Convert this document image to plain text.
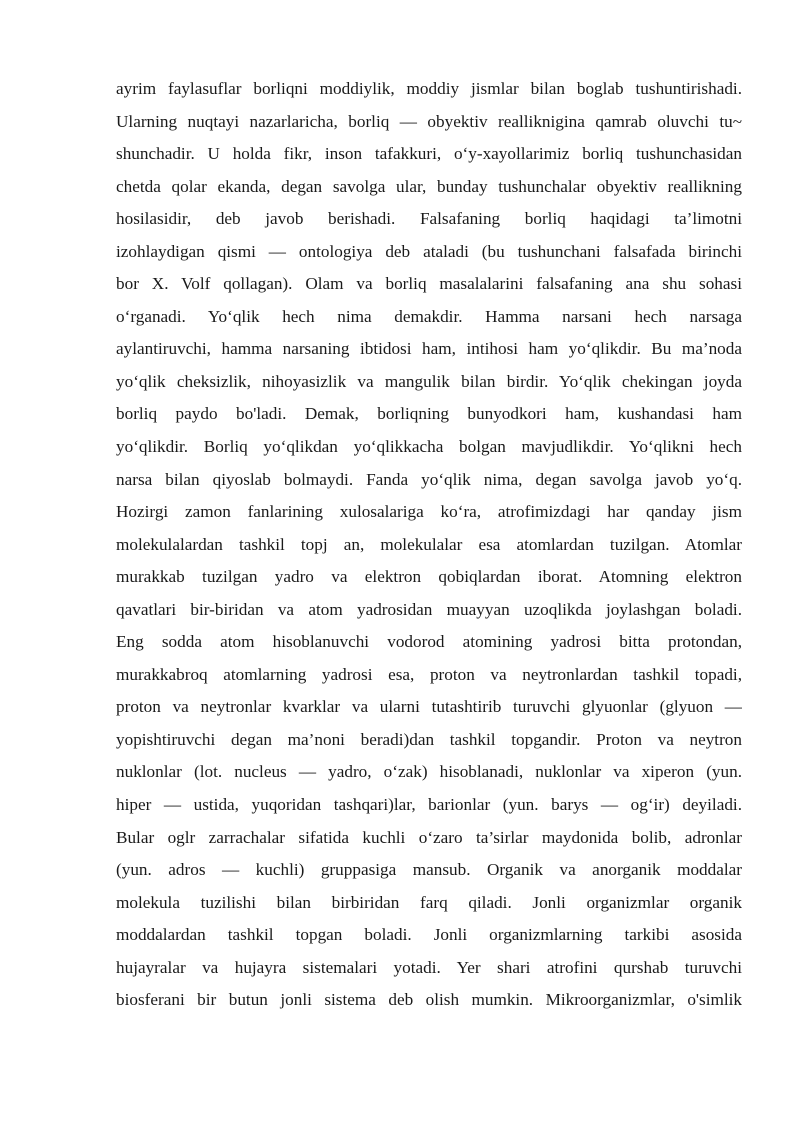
ayrim faylasuflar borliqni moddiylik, moddiy jismlar bilan boglab tushuntirishadi.
Ularning nuqtayi nazarlaricha, borliq — obyektiv reallikniginа qamrab oluvchi tu~
shunchadir. U holda fikr, inson tafakkuri, o‘y-xayollarimiz borliq tushunchasidan
chetda qolar ekanda, degan savolga ular, bunday tushunchalar obyektiv reallikning
hosilasidir, deb javob berishadi. Falsafaning borliq haqidagi ta’limotni
izohlaydigan qismi — ontologiya deb ataladi (bu tushunchani falsafada birinchi
bor X. Volf qollagan). Olam va borliq masalalarini falsafaning ana shu sohasi
o‘rganadi. Yo‘qlik hech nima demakdir. Hamma narsani hech narsaga
aylantiruvchi, hamma narsaning ibtidosi ham, intihosi ham yo‘qlikdir. Bu ma’noda
yo‘qlik cheksizlik, nihoyasizlik va mangulik bilan birdir. Yo‘qlik chekingan joyda
borliq paydo bo'ladi. Demak, borliqning bunyodkori ham, kushandasi ham
yo‘qlikdir. Borliq yo‘qlikdan yo‘qlikkacha bolgan mavjudlikdir. Yo‘qlikni hech
narsa bilan qiyoslab bolmaydi. Fanda yo‘qlik nima, degan savolga javob yo‘q.
Hozirgi zamon fanlarining xulosalariga ko‘ra, atrofimizdagi har qanday jism
molekulalardan tashkil topj an, molekulalar esa atomlardan tuzilgan. Atomlar
murakkab tuzilgan yadro va elektron qobiqlardan iborat. Atomning elektron
qavatlari bir-biridan va atom yadrosidan muayyan uzoqlikda joylashgan boladi.
Eng sodda atom hisoblanuvchi vodorod atomining yadrosi bitta protondan,
murakkabroq atomlarning yadrosi esa, proton va neytronlardan tashkil topadi,
proton va neytronlar kvarklar va ularni tutashtirib turuvchi glyuonlar (glyuon —
yopishtiruvchi degan ma’noni beradi)dan tashkil topgandir. Proton va neytron
nuklonlar (lot. nucleus — yadro, o‘zak) hisoblanadi, nuklonlar va xiperon (yun.
hiper — ustida, yuqoridan tashqari)lar, barionlar (yun. barys — og‘ir) deyiladi.
Bular oglr zarrachalar sifatida kuchli o‘zaro ta’sirlar maydonida bolib, adronlar
(yun. adros — kuchli) gruppasiga mansub. Organik va anorganik moddalar
molekula tuzilishi bilan birbiridan farq qiladi. Jonli organizmlar organik
moddalardan tashkil topgan boladi. Jonli organizmlarning tarkibi asosida
hujayralar va hujayra sistemalari yotadi. Yer shari atrofini qurshab turuvchi
biosferani bir butun jonli sistema deb olish mumkin. Mikroorganizmlar, o'simlik
